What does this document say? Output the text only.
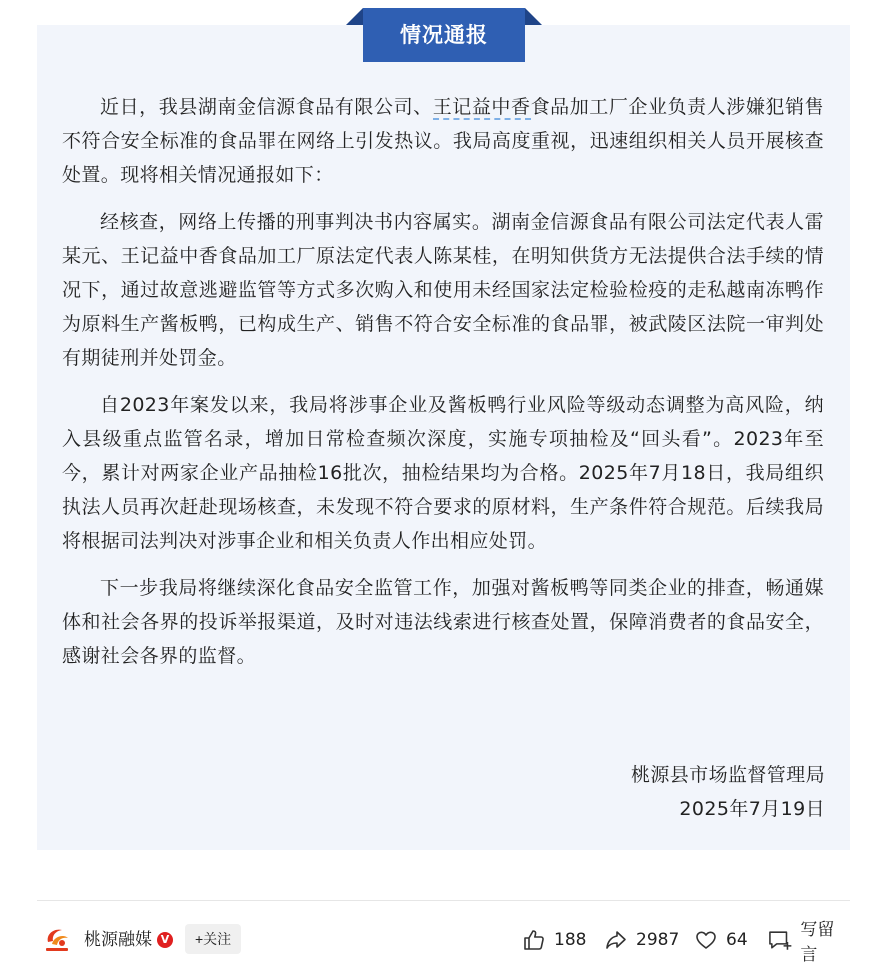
情况通报

近日，我县湖南金信源食品有限公司、王记益中香食品加工厂企业负责人涉嫌犯销售不符合安全标准的食品罪在网络上引发热议。我局高度重视，迅速组织相关人员开展核查处置。现将相关情况通报如下：

经核查，网络上传播的刑事判决书内容属实。湖南金信源食品有限公司法定代表人雷某元、王记益中香食品加工厂原法定代表人陈某桂，在明知供货方无法提供合法手续的情况下，通过故意逃避监管等方式多次购入和使用未经国家法定检验检疫的走私越南冻鸭作为原料生产酱板鸭，已构成生产、销售不符合安全标准的食品罪，被武陵区法院一审判处有期徒刑并处罚金。

自2023年案发以来，我局将涉事企业及酱板鸭行业风险等级动态调整为高风险，纳入县级重点监管名录，增加日常检查频次深度，实施专项抽检及“回头看”。2023年至今，累计对两家企业产品抽检16批次，抽检结果均为合格。2025年7月18日，我局组织执法人员再次赶赴现场核查，未发现不符合要求的原材料，生产条件符合规范。后续我局将根据司法判决对涉事企业和相关负责人作出相应处罚。

下一步我局将继续深化食品安全监管工作，加强对酱板鸭等同类企业的排查，畅通媒体和社会各界的投诉举报渠道，及时对违法线索进行核查处置，保障消费者的食品安全，感谢社会各界的监督。

桃源县市场监督管理局
2025年7月19日
桃源融媒 V	+关注	188	2987	64	写留言
